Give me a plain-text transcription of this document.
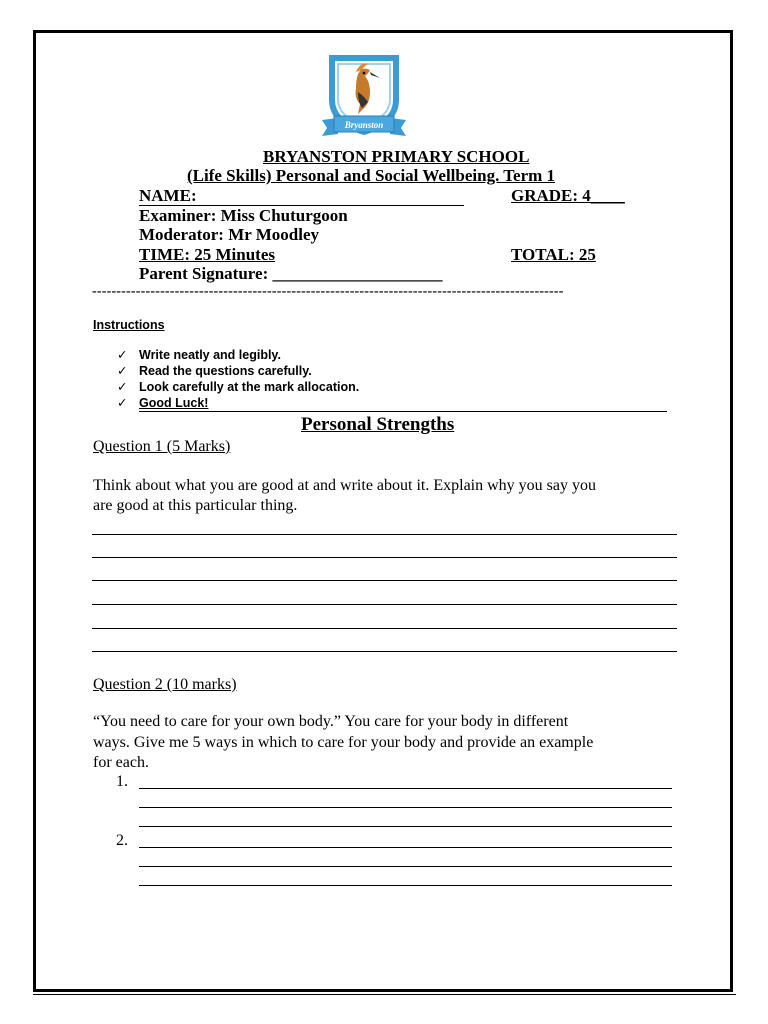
Bryanston
BRYANSTON PRIMARY SCHOOL
(Life Skills) Personal and Social Wellbeing. Term 1
NAME:	GRADE: 4____
Examiner: Miss Chuturgoon
Moderator: Mr Moodley
TIME: 25 Minutes	TOTAL: 25
Parent Signature: ____________________
-------------------------------------------------------------------------------------------------
Instructions
✓ Write neatly and legibly.
✓ Read the questions carefully.
✓ Look carefully at the mark allocation.
✓ Good Luck!
Personal Strengths
Question 1 (5 Marks)
Think about what you are good at and write about it. Explain why you say you
are good at this particular thing.
Question 2 (10 marks)
“You need to care for your own body.” You care for your body in different
ways. Give me 5 ways in which to care for your body and provide an example
for each.
1.
2.
